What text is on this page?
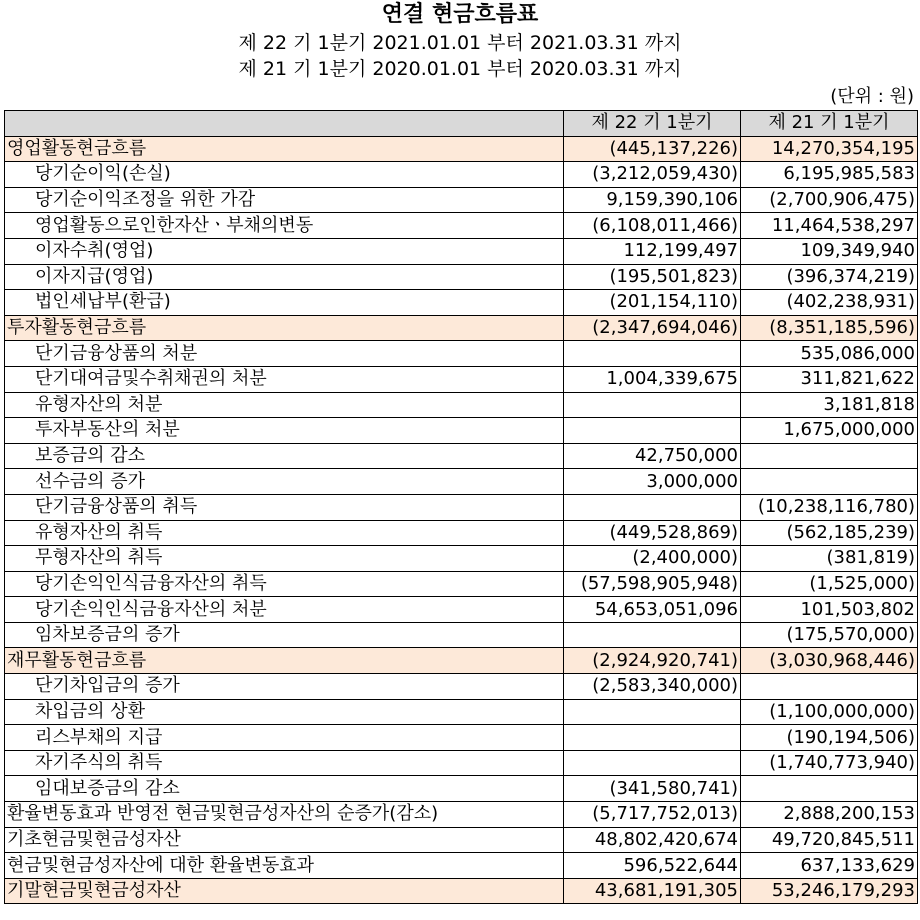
연결 현금흐름표
제 22 기 1분기 2021.01.01 부터 2021.03.31 까지
제 21 기 1분기 2020.01.01 부터 2020.03.31 까지
(단위 : 원)
	제 22 기 1분기	제 21 기 1분기
영업활동현금흐름	(445,137,226)	14,270,354,195
당기순이익(손실)	(3,212,059,430)	6,195,985,583
당기순이익조정을 위한 가감	9,159,390,106	(2,700,906,475)
영업활동으로인한자산ㆍ부채의변동	(6,108,011,466)	11,464,538,297
이자수취(영업)	112,199,497	109,349,940
이자지급(영업)	(195,501,823)	(396,374,219)
법인세납부(환급)	(201,154,110)	(402,238,931)
투자활동현금흐름	(2,347,694,046)	(8,351,185,596)
단기금융상품의 처분		535,086,000
단기대여금및수취채권의 처분	1,004,339,675	311,821,622
유형자산의 처분		3,181,818
투자부동산의 처분		1,675,000,000
보증금의 감소	42,750,000	
선수금의 증가	3,000,000	
단기금융상품의 취득		(10,238,116,780)
유형자산의 취득	(449,528,869)	(562,185,239)
무형자산의 취득	(2,400,000)	(381,819)
당기손익인식금융자산의 취득	(57,598,905,948)	(1,525,000)
당기손익인식금융자산의 처분	54,653,051,096	101,503,802
임차보증금의 증가		(175,570,000)
재무활동현금흐름	(2,924,920,741)	(3,030,968,446)
단기차입금의 증가	(2,583,340,000)	
차입금의 상환		(1,100,000,000)
리스부채의 지급		(190,194,506)
자기주식의 취득		(1,740,773,940)
임대보증금의 감소	(341,580,741)	
환율변동효과 반영전 현금및현금성자산의 순증가(감소)	(5,717,752,013)	2,888,200,153
기초현금및현금성자산	48,802,420,674	49,720,845,511
현금및현금성자산에 대한 환율변동효과	596,522,644	637,133,629
기말현금및현금성자산	43,681,191,305	53,246,179,293
